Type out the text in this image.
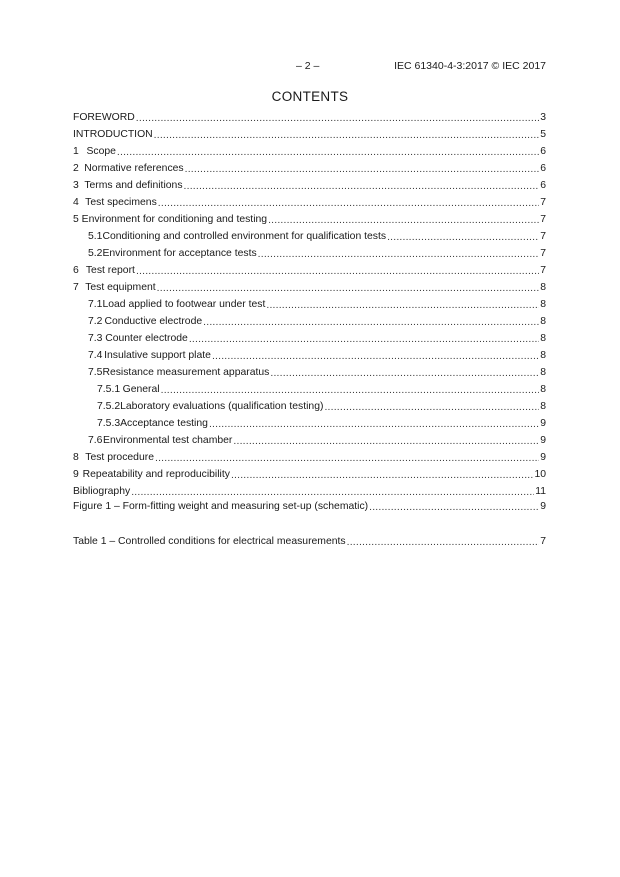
– 2 –	IEC 61340-4-3:2017 © IEC 2017
CONTENTS
FOREWORD .....	3
INTRODUCTION .....	5
1 Scope .....	6
2 Normative references .....	6
3 Terms and definitions .....	6
4 Test specimens .....	7
5 Environment for conditioning and testing .....	7
5.1 Conditioning and controlled environment for qualification tests .....	7
5.2 Environment for acceptance tests .....	7
6 Test report .....	7
7 Test equipment .....	8
7.1 Load applied to footwear under test .....	8
7.2 Conductive electrode .....	8
7.3 Counter electrode .....	8
7.4 Insulative support plate .....	8
7.5 Resistance measurement apparatus .....	8
7.5.1 General .....	8
7.5.2 Laboratory evaluations (qualification testing) .....	8
7.5.3 Acceptance testing .....	9
7.6 Environmental test chamber .....	9
8 Test procedure .....	9
9 Repeatability and reproducibility .....	10
Bibliography .....	11
Figure 1 – Form-fitting weight and measuring set-up (schematic) .....	9
Table 1 – Controlled conditions for electrical measurements .....	7
